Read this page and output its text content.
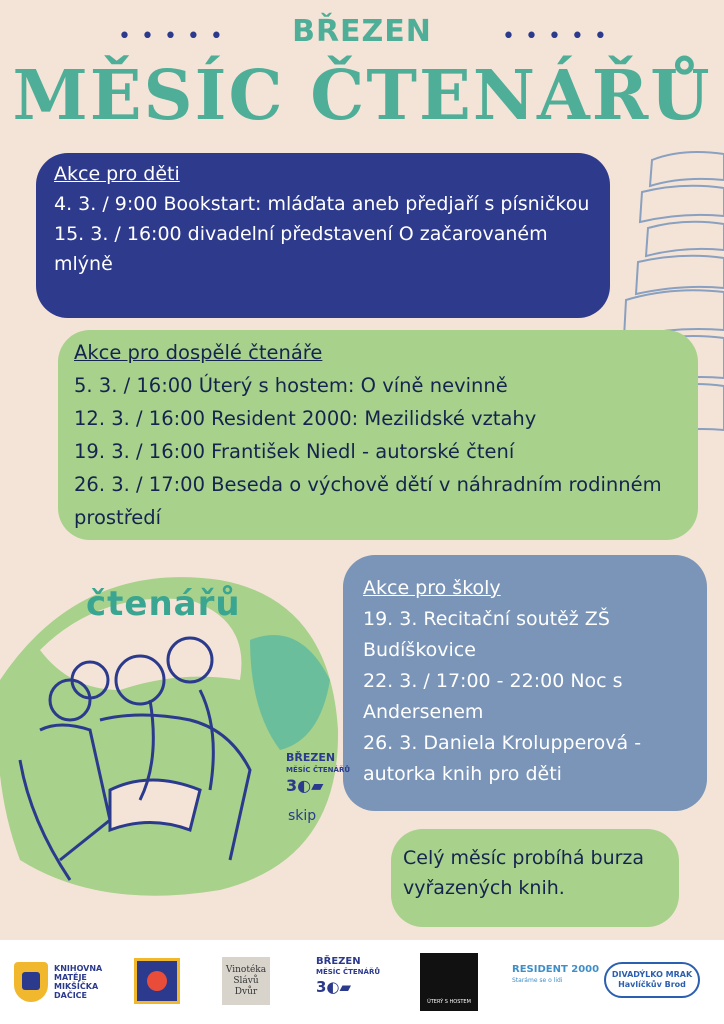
•••••	•••••
BŘEZEN
MĚSÍC ČTENÁŘŮ
Akce pro děti
4. 3. / 9:00 Bookstart: mláďata aneb předjaří s písničkou
15. 3. / 16:00 divadelní představení O začarovaném mlýně
Akce pro dospělé čtenáře
5. 3. / 16:00 Úterý s hostem: O víně nevinně
12. 3. / 16:00 Resident 2000: Mezilidské vztahy
19. 3. / 16:00 František Niedl - autorské čtení
26. 3. / 17:00 Beseda o výchově dětí v náhradním rodinném prostředí
čtenářů
BŘEZEN
MĚSÍC ČTENÁŘŮ
3◐▰
skip
Akce pro školy
19. 3. Recitační soutěž ZŠ Budíškovice
22. 3. / 17:00 - 22:00 Noc s Andersenem
26. 3. Daniela Krolupperová - autorka knih pro děti
Celý měsíc probíhá burza vyřazených knih.
KNIHOVNA
MATĚJE
MIKŠÍČKA
DAČICE
Vinotéka
Slávů
Dvůr
BŘEZEN
MĚSÍC ČTENÁŘŮ
3◐▰
ÚTERÝ S HOSTEM
RESIDENT 2000
Staráme se o lidi
DIVADÝLKO MRAK
Havlíčkův Brod
